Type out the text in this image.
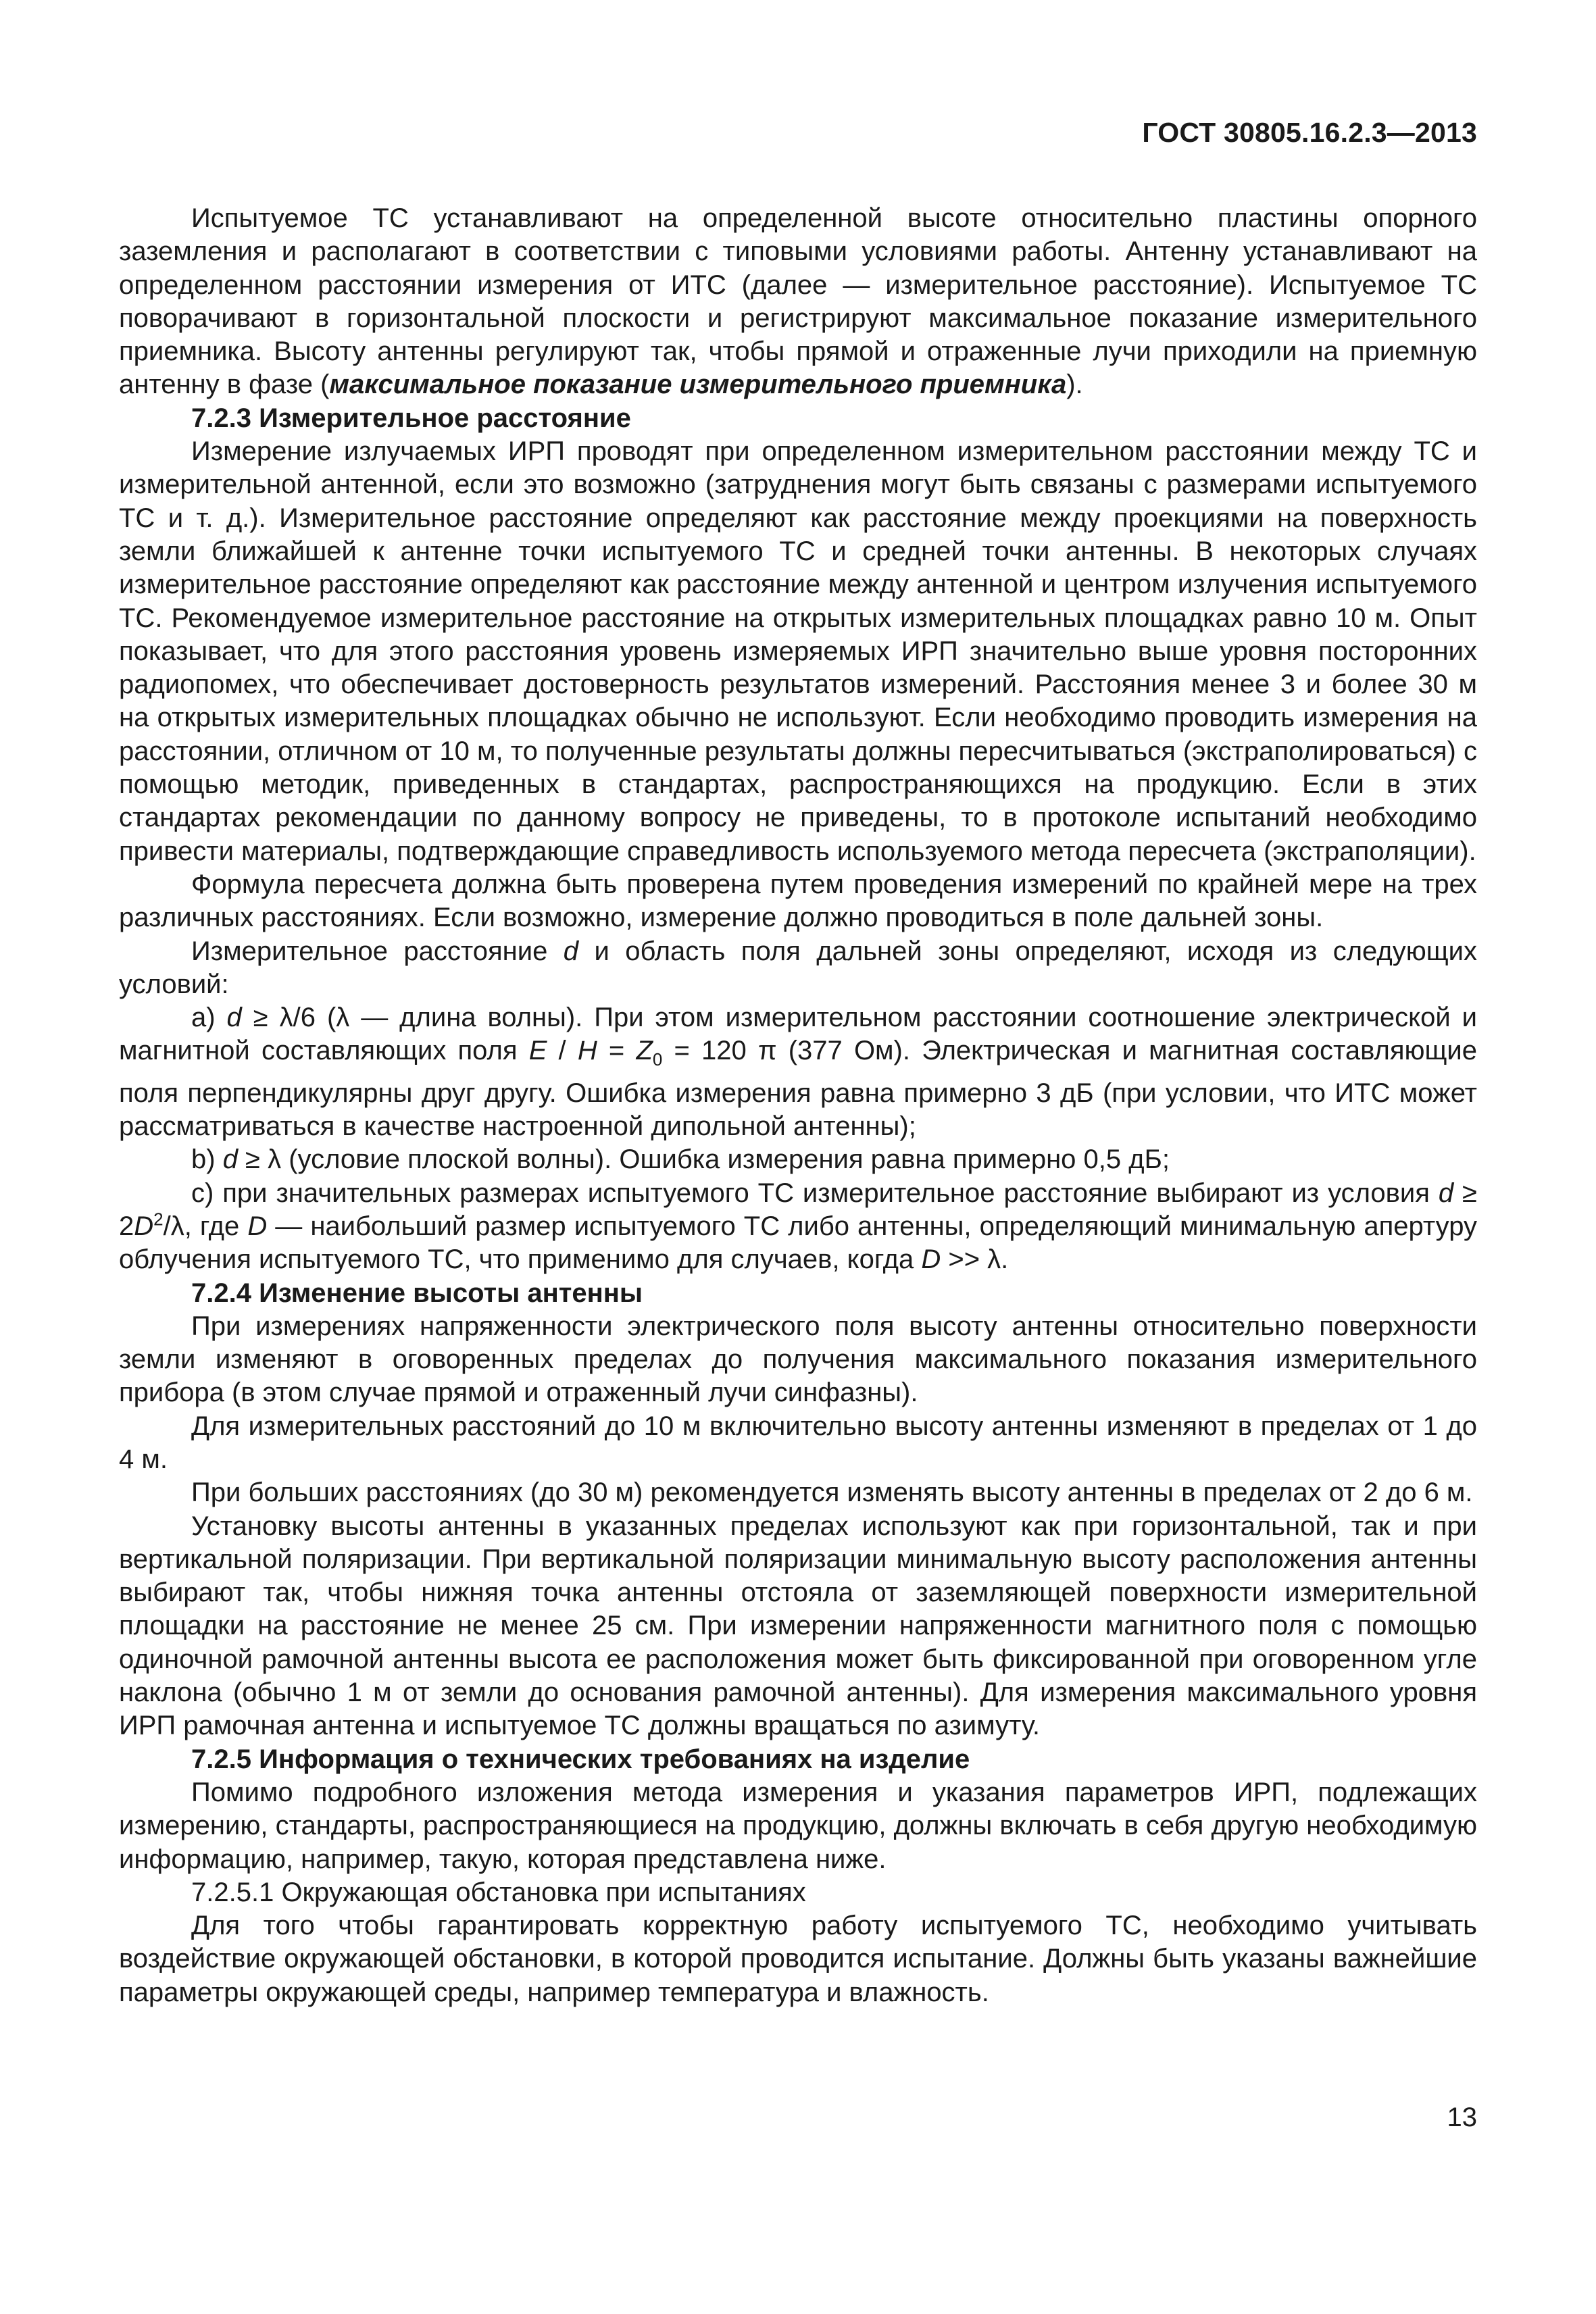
ГОСТ 30805.16.2.3—2013

Испытуемое ТС устанавливают на определенной высоте относительно пластины опорного заземления и располагают в соответствии с типовыми условиями работы. Антенну устанавливают на определенном расстоянии измерения от ИТС (далее — измерительное расстояние). Испытуемое ТС поворачивают в горизонтальной плоскости и регистрируют максимальное показание измерительного приемника. Высоту антенны регулируют так, чтобы прямой и отраженные лучи приходили на приемную антенну в фазе (максимальное показание измерительного приемника).

7.2.3 Измерительное расстояние

Измерение излучаемых ИРП проводят при определенном измерительном расстоянии между ТС и измерительной антенной, если это возможно (затруднения могут быть связаны с размерами испытуемого ТС и т. д.). Измерительное расстояние определяют как расстояние между проекциями на поверхность земли ближайшей к антенне точки испытуемого ТС и средней точки антенны. В некоторых случаях измерительное расстояние определяют как расстояние между антенной и центром излучения испытуемого ТС. Рекомендуемое измерительное расстояние на открытых измерительных площадках равно 10 м. Опыт показывает, что для этого расстояния уровень измеряемых ИРП значительно выше уровня посторонних радиопомех, что обеспечивает достоверность результатов измерений. Расстояния менее 3 и более 30 м на открытых измерительных площадках обычно не используют. Если необходимо проводить измерения на расстоянии, отличном от 10 м, то полученные результаты должны пересчитываться (экстраполироваться) с помощью методик, приведенных в стандартах, распространяющихся на продукцию. Если в этих стандартах рекомендации по данному вопросу не приведены, то в протоколе испытаний необходимо привести материалы, подтверждающие справедливость используемого метода пересчета (экстраполяции).

Формула пересчета должна быть проверена путем проведения измерений по крайней мере на трех различных расстояниях. Если возможно, измерение должно проводиться в поле дальней зоны.

Измерительное расстояние d и область поля дальней зоны определяют, исходя из следующих условий:

а) d ≥ λ/6 (λ — длина волны). При этом измерительном расстоянии соотношение электрической и магнитной составляющих поля $E / H = Z_0 = 120$ π (377 Ом). Электрическая и магнитная составляющие поля перпендикулярны друг другу. Ошибка измерения равна примерно 3 дБ (при условии, что ИТС может рассматриваться в качестве настроенной дипольной антенны);

b) d ≥ λ (условие плоской волны). Ошибка измерения равна примерно 0,5 дБ;

с) при значительных размерах испытуемого ТС измерительное расстояние выбирают из условия $d \ge 2D^2/\lambda$, где D — наибольший размер испытуемого ТС либо антенны, определяющий минимальную апертуру облучения испытуемого ТС, что применимо для случаев, когда D >> λ.

7.2.4 Изменение высоты антенны

При измерениях напряженности электрического поля высоту антенны относительно поверхности земли изменяют в оговоренных пределах до получения максимального показания измерительного прибора (в этом случае прямой и отраженный лучи синфазны).

Для измерительных расстояний до 10 м включительно высоту антенны изменяют в пределах от 1 до 4 м.

При больших расстояниях (до 30 м) рекомендуется изменять высоту антенны в пределах от 2 до 6 м.

Установку высоты антенны в указанных пределах используют как при горизонтальной, так и при вертикальной поляризации. При вертикальной поляризации минимальную высоту расположения антенны выбирают так, чтобы нижняя точка антенны отстояла от заземляющей поверхности измерительной площадки на расстояние не менее 25 см. При измерении напряженности магнитного поля с помощью одиночной рамочной антенны высота ее расположения может быть фиксированной при оговоренном угле наклона (обычно 1 м от земли до основания рамочной антенны). Для измерения максимального уровня ИРП рамочная антенна и испытуемое ТС должны вращаться по азимуту.

7.2.5 Информация о технических требованиях на изделие

Помимо подробного изложения метода измерения и указания параметров ИРП, подлежащих измерению, стандарты, распространяющиеся на продукцию, должны включать в себя другую необходимую информацию, например, такую, которая представлена ниже.

7.2.5.1 Окружающая обстановка при испытаниях

Для того чтобы гарантировать корректную работу испытуемого ТС, необходимо учитывать воздействие окружающей обстановки, в которой проводится испытание. Должны быть указаны важнейшие параметры окружающей среды, например температура и влажность.

13
